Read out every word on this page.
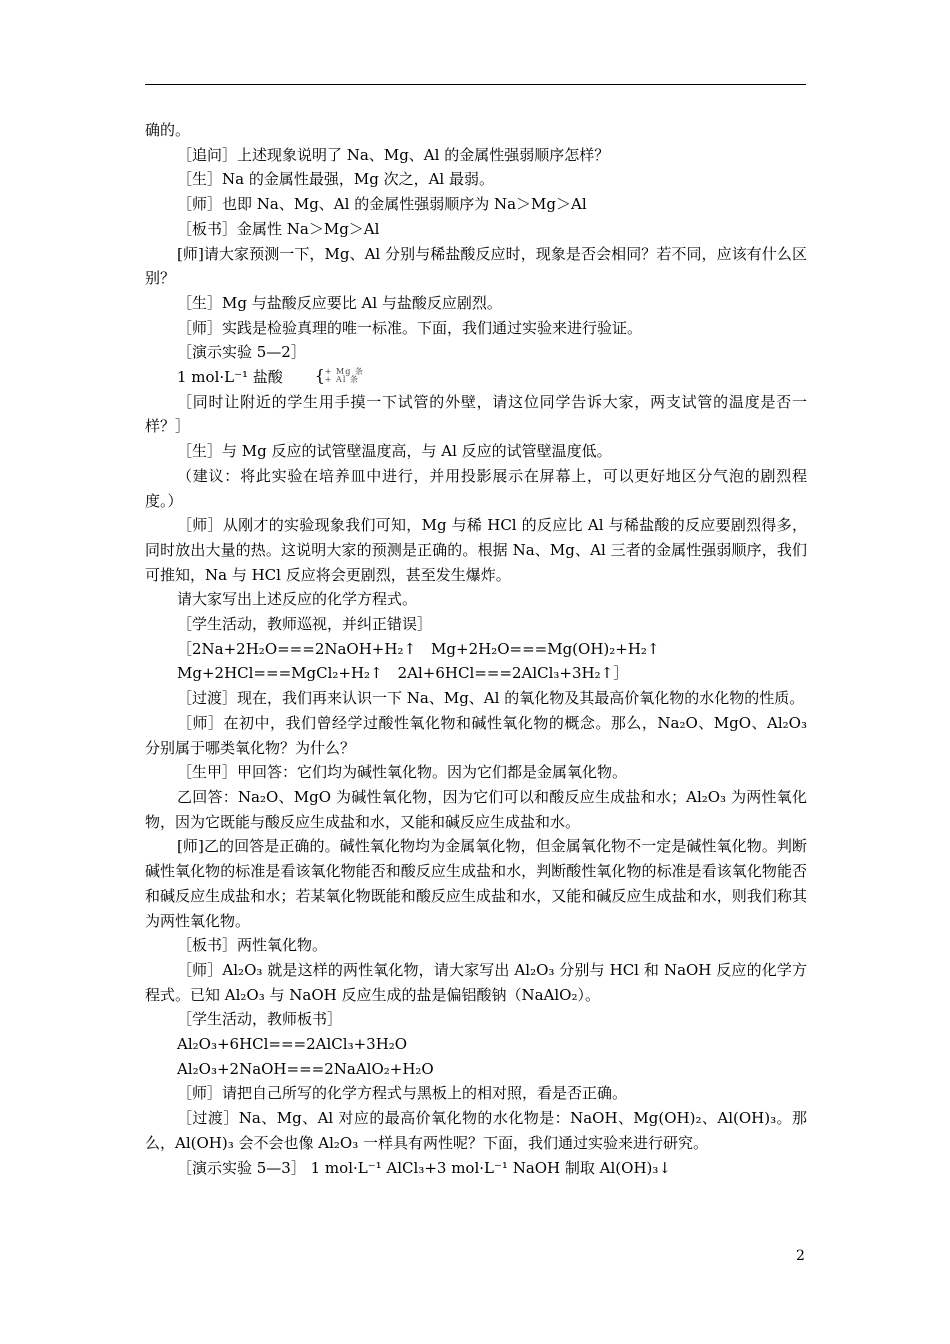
确的。

［追问］上述现象说明了 Na、Mg、Al 的金属性强弱顺序怎样？

［生］Na 的金属性最强，Mg 次之，Al 最弱。

［师］也即 Na、Mg、Al 的金属性强弱顺序为 Na＞Mg＞Al

［板书］金属性 Na＞Mg＞Al

[师]请大家预测一下，Mg、Al 分别与稀盐酸反应时，现象是否会相同？若不同，应该有什么区别？

［生］Mg 与盐酸反应要比 Al 与盐酸反应剧烈。

［师］实践是检验真理的唯一标准。下面，我们通过实验来进行验证。

［演示实验 5—2］

1 mol·L⁻¹ 盐酸	{ + Mg 条
+ Al 条

［同时让附近的学生用手摸一下试管的外壁，请这位同学告诉大家，两支试管的温度是否一样？］

［生］与 Mg 反应的试管壁温度高，与 Al 反应的试管壁温度低。

（建议：将此实验在培养皿中进行，并用投影展示在屏幕上，可以更好地区分气泡的剧烈程度。）

［师］从刚才的实验现象我们可知，Mg 与稀 HCl 的反应比 Al 与稀盐酸的反应要剧烈得多，同时放出大量的热。这说明大家的预测是正确的。根据 Na、Mg、Al 三者的金属性强弱顺序，我们可推知，Na 与 HCl 反应将会更剧烈，甚至发生爆炸。

请大家写出上述反应的化学方程式。

［学生活动，教师巡视，并纠正错误］

［2Na+2H₂O===2NaOH+H₂↑　Mg+2H₂O===Mg(OH)₂+H₂↑

Mg+2HCl===MgCl₂+H₂↑　2Al+6HCl===2AlCl₃+3H₂↑］

［过渡］现在，我们再来认识一下 Na、Mg、Al 的氧化物及其最高价氧化物的水化物的性质。

［师］在初中，我们曾经学过酸性氧化物和碱性氧化物的概念。那么，Na₂O、MgO、Al₂O₃ 分别属于哪类氧化物？为什么？

［生甲］甲回答：它们均为碱性氧化物。因为它们都是金属氧化物。

乙回答：Na₂O、MgO 为碱性氧化物，因为它们可以和酸反应生成盐和水；Al₂O₃ 为两性氧化物，因为它既能与酸反应生成盐和水，又能和碱反应生成盐和水。

[师]乙的回答是正确的。碱性氧化物均为金属氧化物，但金属氧化物不一定是碱性氧化物。判断碱性氧化物的标准是看该氧化物能否和酸反应生成盐和水，判断酸性氧化物的标准是看该氧化物能否和碱反应生成盐和水；若某氧化物既能和酸反应生成盐和水，又能和碱反应生成盐和水，则我们称其为两性氧化物。

［板书］两性氧化物。

［师］Al₂O₃ 就是这样的两性氧化物，请大家写出 Al₂O₃ 分别与 HCl 和 NaOH 反应的化学方程式。已知 Al₂O₃ 与 NaOH 反应生成的盐是偏铝酸钠（NaAlO₂）。

［学生活动，教师板书］

Al₂O₃+6HCl===2AlCl₃+3H₂O

Al₂O₃+2NaOH===2NaAlO₂+H₂O

［师］请把自己所写的化学方程式与黑板上的相对照，看是否正确。

［过渡］Na、Mg、Al 对应的最高价氧化物的水化物是：NaOH、Mg(OH)₂、Al(OH)₃。那么，Al(OH)₃ 会不会也像 Al₂O₃ 一样具有两性呢？下面，我们通过实验来进行研究。

［演示实验 5—3］ 1 mol·L⁻¹ AlCl₃+3 mol·L⁻¹ NaOH 制取 Al(OH)₃↓

2
